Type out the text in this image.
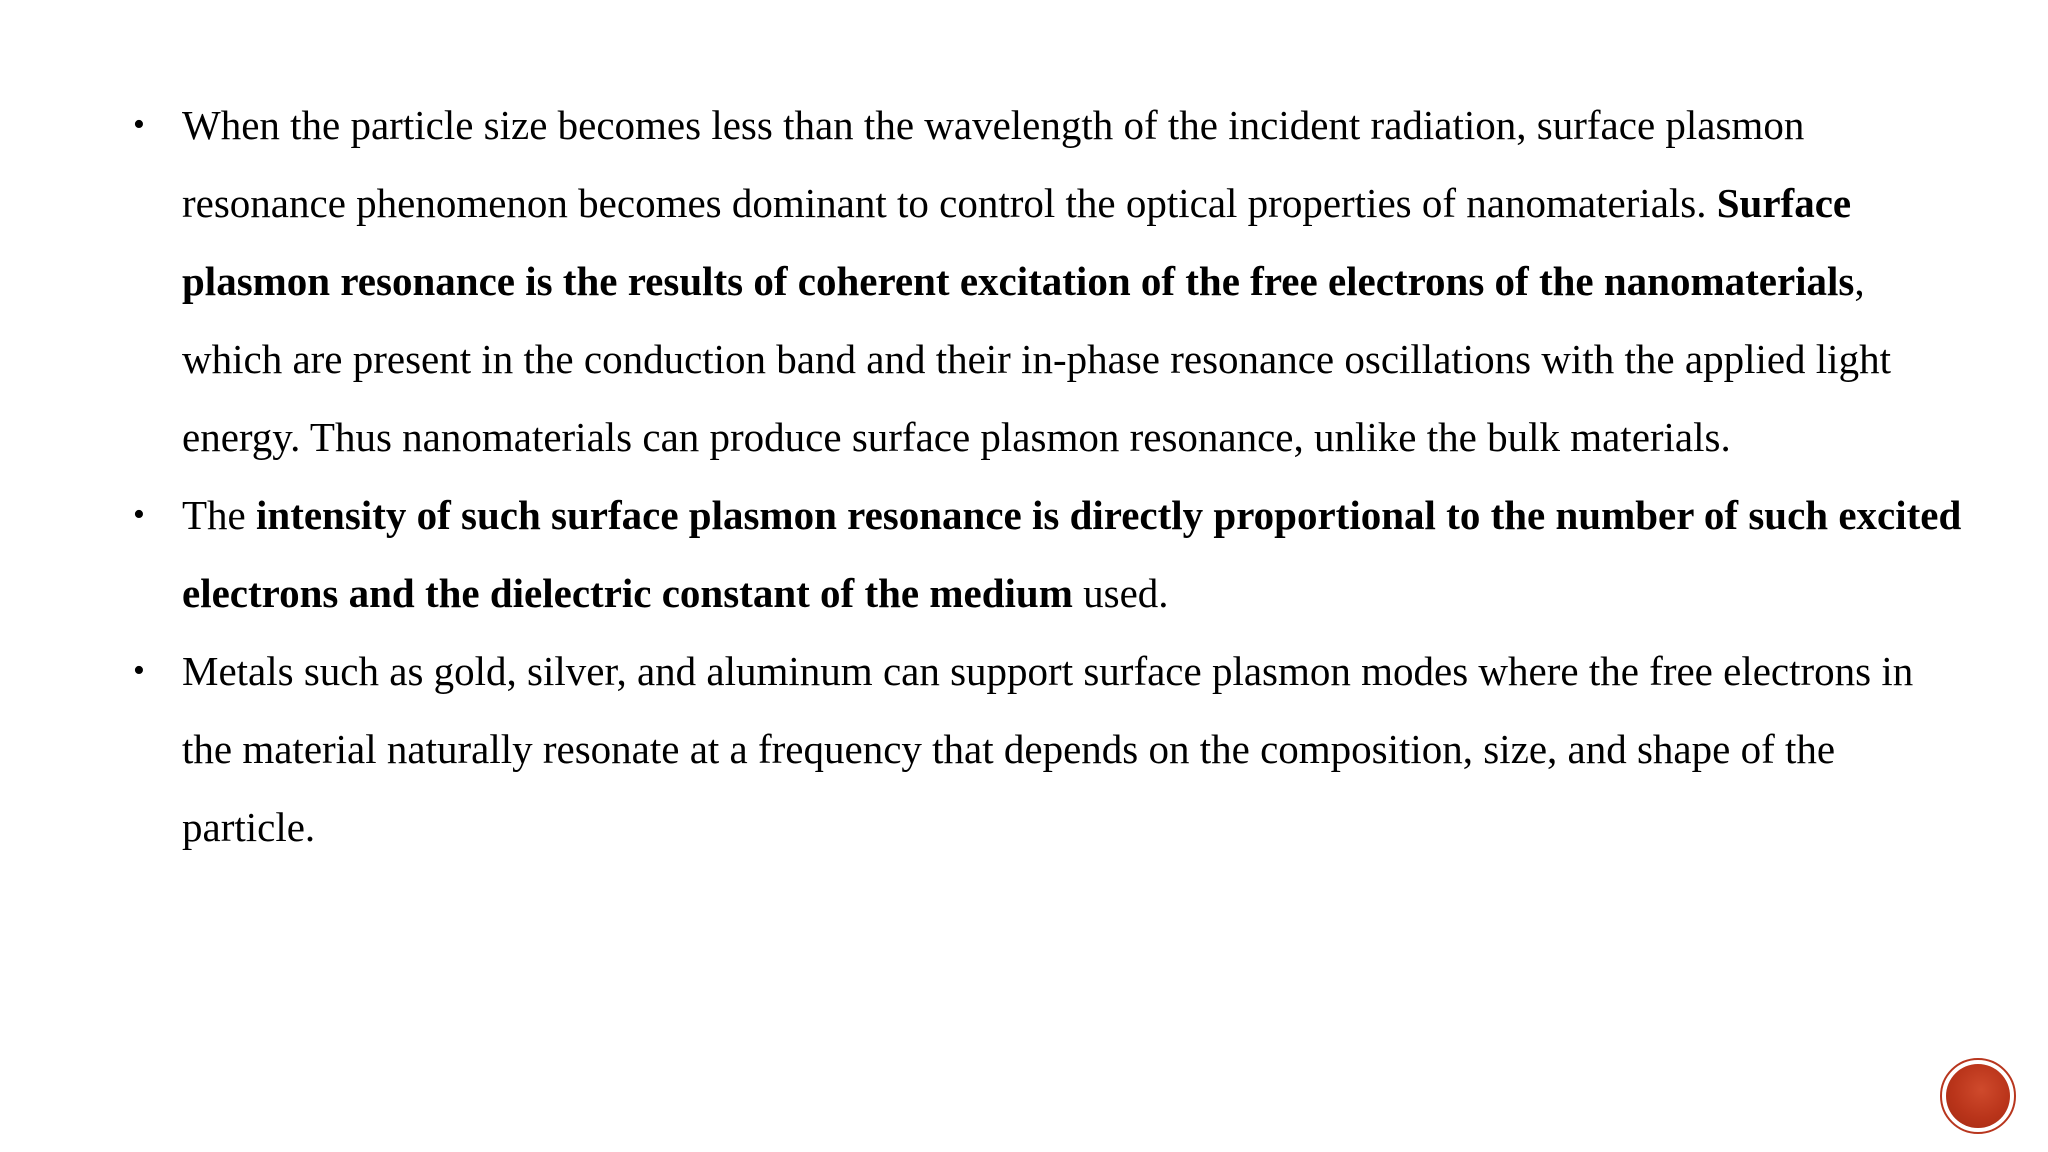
• When the particle size becomes less than the wavelength of the incident radiation, surface plasmon resonance phenomenon becomes dominant to control the optical properties of nanomaterials. Surface plasmon resonance is the results of coherent excitation of the free electrons of the nanomaterials, which are present in the conduction band and their in-phase resonance oscillations with the applied light energy. Thus nanomaterials can produce surface plasmon resonance, unlike the bulk materials.
• The intensity of such surface plasmon resonance is directly proportional to the number of such excited electrons and the dielectric constant of the medium used.
• Metals such as gold, silver, and aluminum can support surface plasmon modes where the free electrons in the material naturally resonate at a frequency that depends on the composition, size, and shape of the particle.
